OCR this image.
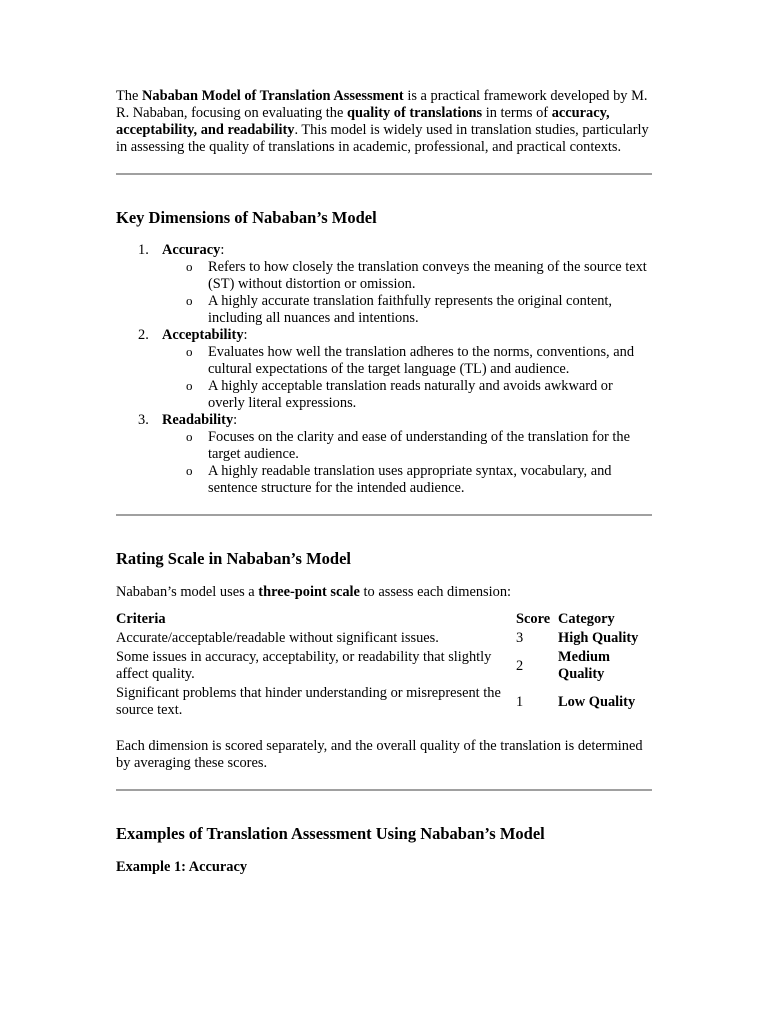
The Nababan Model of Translation Assessment is a practical framework developed by M. R. Nababan, focusing on evaluating the quality of translations in terms of accuracy, acceptability, and readability. This model is widely used in translation studies, particularly in assessing the quality of translations in academic, professional, and practical contexts.

Key Dimensions of Nababan’s Model
1. Accuracy:
o Refers to how closely the translation conveys the meaning of the source text (ST) without distortion or omission.
o A highly accurate translation faithfully represents the original content, including all nuances and intentions.
2. Acceptability:
o Evaluates how well the translation adheres to the norms, conventions, and cultural expectations of the target language (TL) and audience.
o A highly acceptable translation reads naturally and avoids awkward or overly literal expressions.
3. Readability:
o Focuses on the clarity and ease of understanding of the translation for the target audience.
o A highly readable translation uses appropriate syntax, vocabulary, and sentence structure for the intended audience.
Rating Scale in Nababan’s Model

Nababan’s model uses a three-point scale to assess each dimension:

Criteria	Score	Category
Accurate/acceptable/readable without significant issues.	3	High Quality
Some issues in accuracy, acceptability, or readability that slightly affect quality.	2	Medium Quality
Significant problems that hinder understanding or misrepresent the source text.	1	Low Quality

Each dimension is scored separately, and the overall quality of the translation is determined by averaging these scores.

Examples of Translation Assessment Using Nababan’s Model
Example 1: Accuracy
